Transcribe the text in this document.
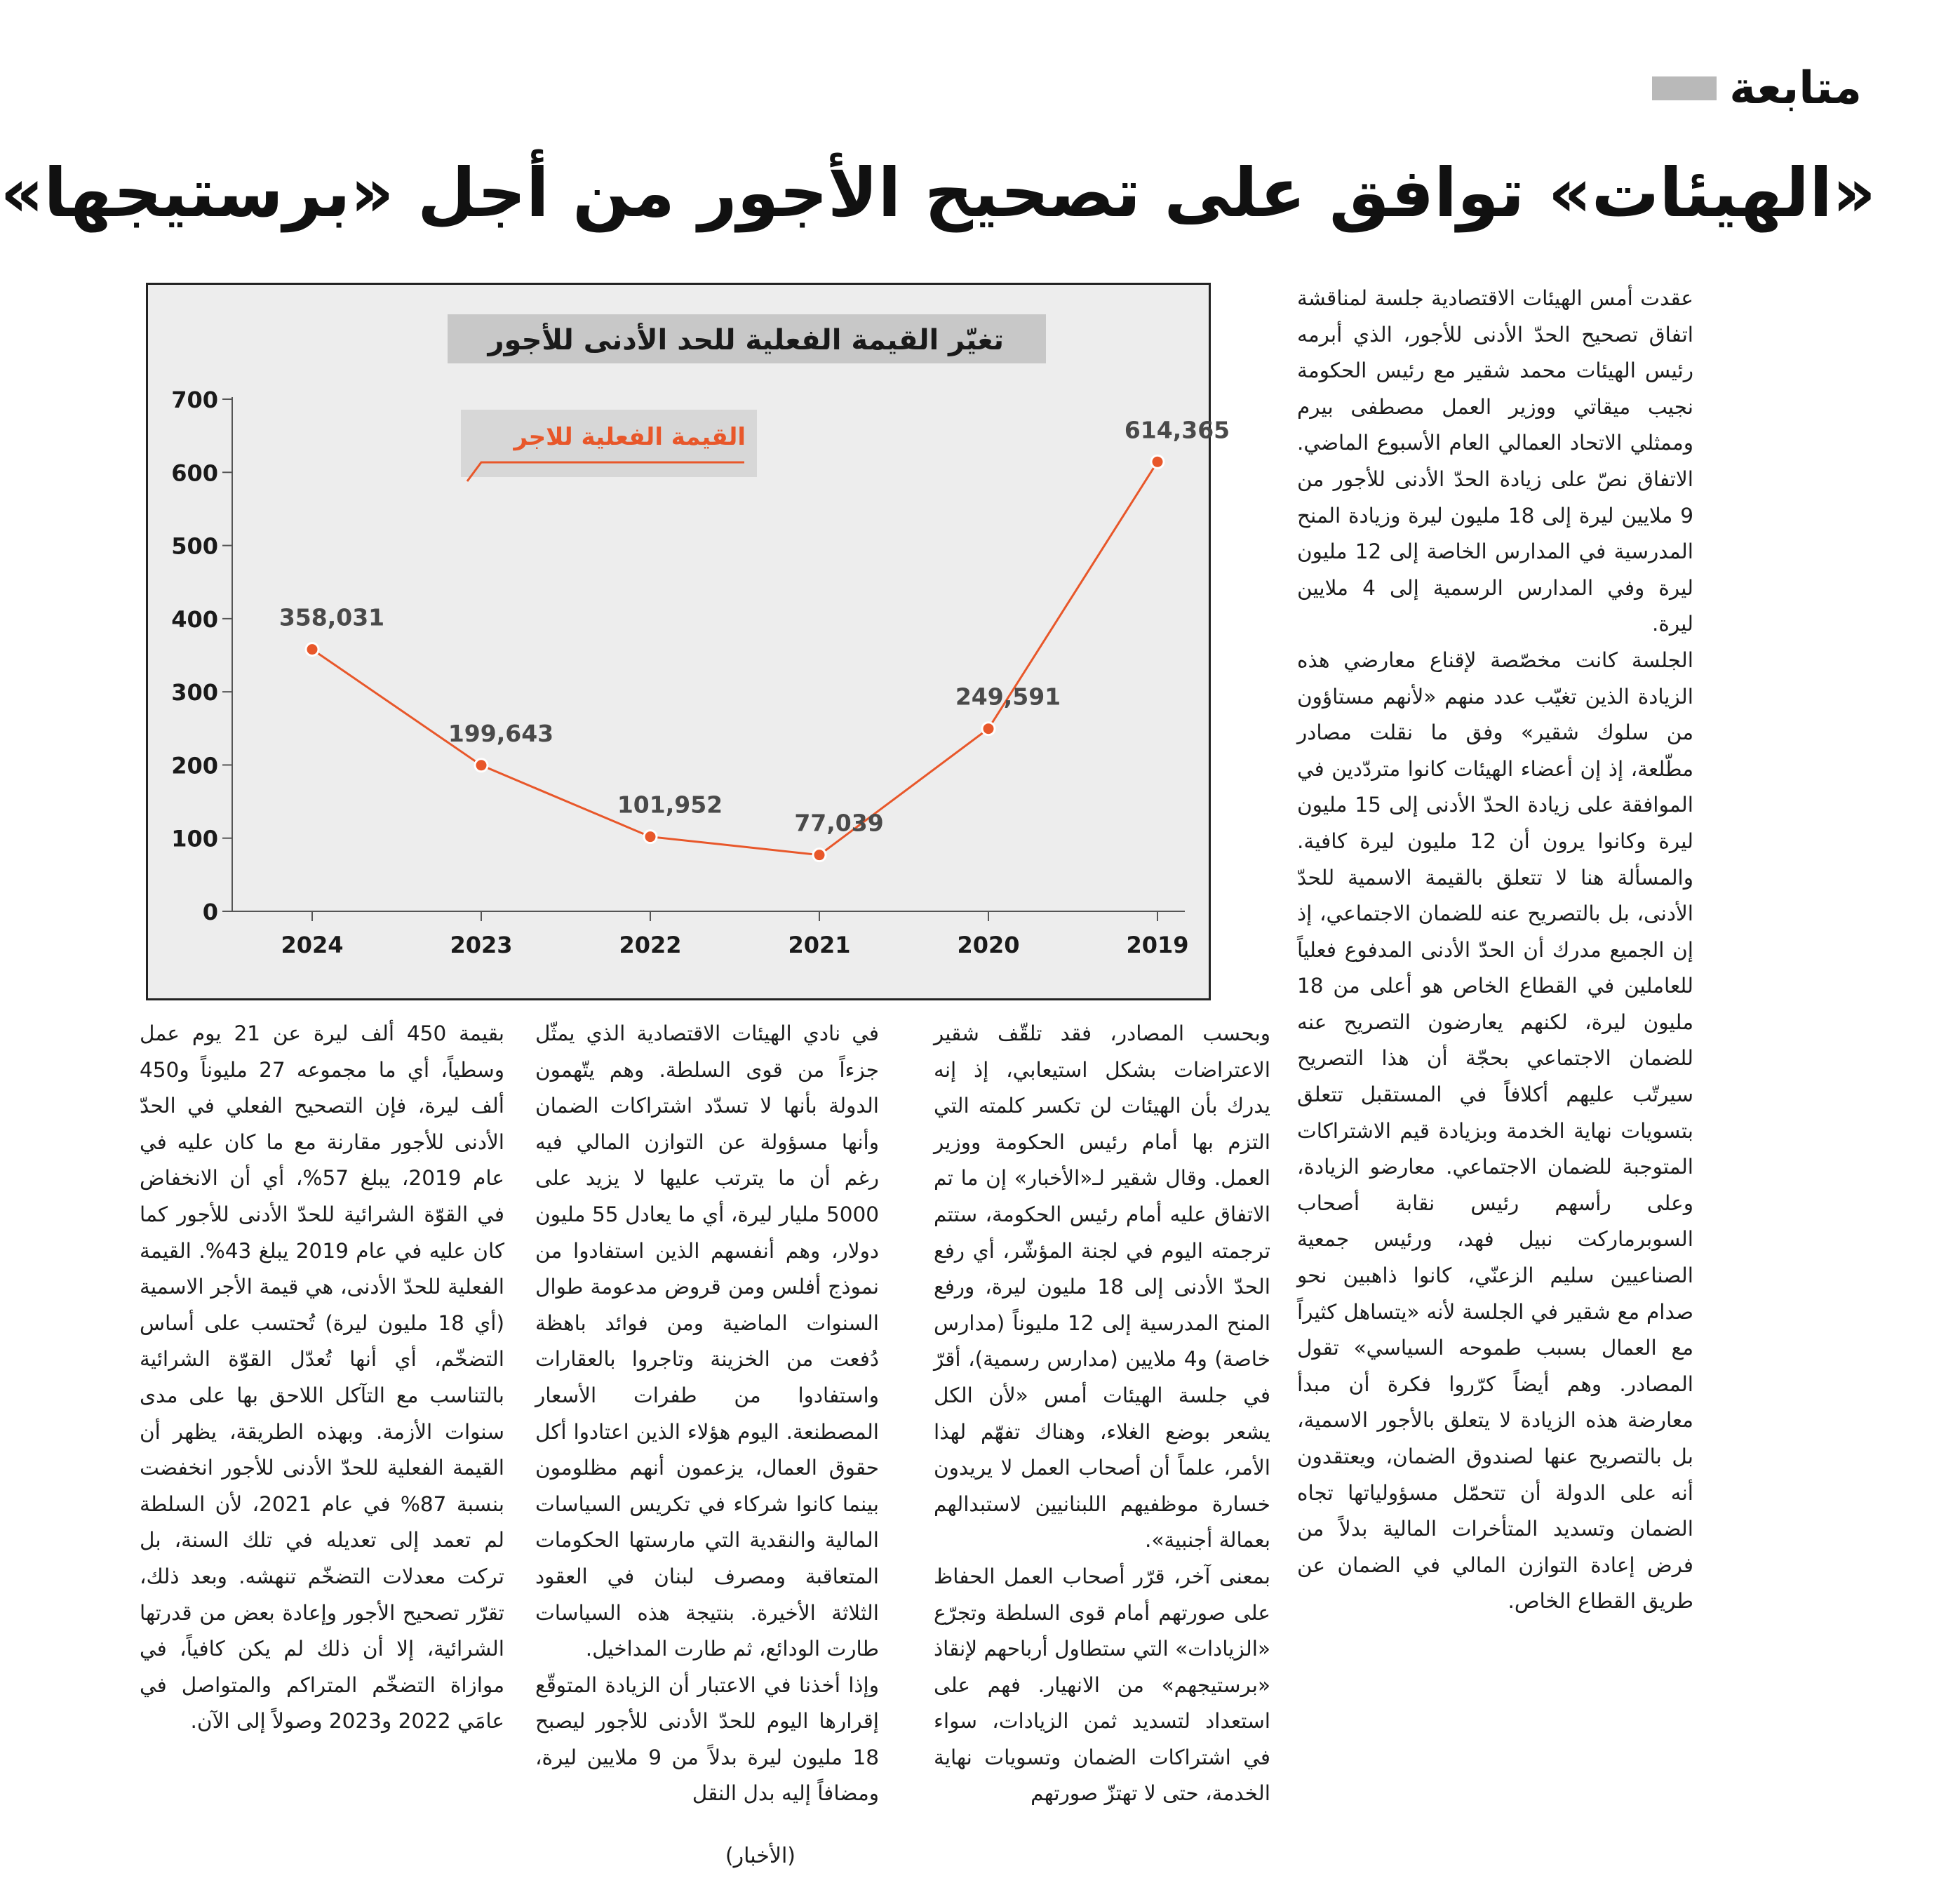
متابعة
«الهيئات» توافق على تصحيح الأجور من أجل «برستيجها»
تغيّر القيمة الفعلية للحد الأدنى للأجور
700
600
500
400
300
200
100
0
2024	2023	2022	2021	2020	2019
القيمة الفعلية للاجر
358,031
199,643
101,952
77,039
249,591
614,365

عقدت أمس الهيئات الاقتصادية جلسة لمناقشة اتفاق تصحيح الحدّ الأدنى للأجور، الذي أبرمه رئيس الهيئات محمد شقير مع رئيس الحكومة نجيب ميقاتي ووزير العمل مصطفى بيرم وممثلي الاتحاد العمالي العام الأسبوع الماضي. الاتفاق نصّ على زيادة الحدّ الأدنى للأجور من 9 ملايين ليرة إلى 18 مليون ليرة وزيادة المنح المدرسية في المدارس الخاصة إلى 12 مليون ليرة وفي المدارس الرسمية إلى 4 ملايين ليرة.

الجلسة كانت مخصّصة لإقناع معارضي هذه الزيادة الذين تغيّب عدد منهم «لأنهم مستاؤون من سلوك شقير» وفق ما نقلت مصادر مطّلعة، إذ إن أعضاء الهيئات كانوا متردّدين في الموافقة على زيادة الحدّ الأدنى إلى 15 مليون ليرة وكانوا يرون أن 12 مليون ليرة كافية. والمسألة هنا لا تتعلق بالقيمة الاسمية للحدّ الأدنى، بل بالتصريح عنه للضمان الاجتماعي، إذ إن الجميع مدرك أن الحدّ الأدنى المدفوع فعلياً للعاملين في القطاع الخاص هو أعلى من 18 مليون ليرة، لكنهم يعارضون التصريح عنه للضمان الاجتماعي بحجّة أن هذا التصريح سيرتّب عليهم أكلافاً في المستقبل تتعلق بتسويات نهاية الخدمة وبزيادة قيم الاشتراكات المتوجبة للضمان الاجتماعي. معارضو الزيادة، وعلى رأسهم رئيس نقابة أصحاب السوبرماركت نبيل فهد، ورئيس جمعية الصناعيين سليم الزعنّي، كانوا ذاهبين نحو صدام مع شقير في الجلسة لأنه «يتساهل كثيراً مع العمال بسبب طموحه السياسي» تقول المصادر. وهم أيضاً كرّروا فكرة أن مبدأ معارضة هذه الزيادة لا يتعلق بالأجور الاسمية، بل بالتصريح عنها لصندوق الضمان، ويعتقدون أنه على الدولة أن تتحمّل مسؤولياتها تجاه الضمان وتسديد المتأخرات المالية بدلاً من فرض إعادة التوازن المالي في الضمان عن طريق القطاع الخاص.

وبحسب المصادر، فقد تلقّف شقير الاعتراضات بشكل استيعابي، إذ إنه يدرك بأن الهيئات لن تكسر كلمته التي التزم بها أمام رئيس الحكومة ووزير العمل. وقال شقير لـ«الأخبار» إن ما تم الاتفاق عليه أمام رئيس الحكومة، ستتم ترجمته اليوم في لجنة المؤشّر، أي رفع الحدّ الأدنى إلى 18 مليون ليرة، ورفع المنح المدرسية إلى 12 مليوناً (مدارس خاصة) و4 ملايين (مدارس رسمية)، أقرّ في جلسة الهيئات أمس «لأن الكل يشعر بوضع الغلاء، وهناك تفهّم لهذا الأمر، علماً أن أصحاب العمل لا يريدون خسارة موظفيهم اللبنانيين لاستبدالهم بعمالة أجنبية».

بمعنى آخر، قرّر أصحاب العمل الحفاظ على صورتهم أمام قوى السلطة وتجرّع «الزيادات» التي ستطاول أرباحهم لإنقاذ «برستيجهم» من الانهيار. فهم على استعداد لتسديد ثمن الزيادات، سواء في اشتراكات الضمان وتسويات نهاية الخدمة، حتى لا تهتزّ صورتهم

في نادي الهيئات الاقتصادية الذي يمثّل جزءاً من قوى السلطة. وهم يتّهمون الدولة بأنها لا تسدّد اشتراكات الضمان وأنها مسؤولة عن التوازن المالي فيه رغم أن ما يترتب عليها لا يزيد على 5000 مليار ليرة، أي ما يعادل 55 مليون دولار، وهم أنفسهم الذين استفادوا من نموذج أفلس ومن قروض مدعومة طوال السنوات الماضية ومن فوائد باهظة دُفعت من الخزينة وتاجروا بالعقارات واستفادوا من طفرات الأسعار المصطنعة. اليوم هؤلاء الذين اعتادوا أكل حقوق العمال، يزعمون أنهم مظلومون بينما كانوا شركاء في تكريس السياسات المالية والنقدية التي مارستها الحكومات المتعاقبة ومصرف لبنان في العقود الثلاثة الأخيرة. بنتيجة هذه السياسات طارت الودائع، ثم طارت المداخيل.

وإذا أخذنا في الاعتبار أن الزيادة المتوقّع إقرارها اليوم للحدّ الأدنى للأجور ليصبح 18 مليون ليرة بدلاً من 9 ملايين ليرة، ومضافاً إليه بدل النقل

بقيمة 450 ألف ليرة عن 21 يوم عمل وسطياً، أي ما مجموعه 27 مليوناً و450 ألف ليرة، فإن التصحيح الفعلي في الحدّ الأدنى للأجور مقارنة مع ما كان عليه في عام 2019، يبلغ 57%، أي أن الانخفاض في القوّة الشرائية للحدّ الأدنى للأجور كما كان عليه في عام 2019 يبلغ 43%. القيمة الفعلية للحدّ الأدنى، هي قيمة الأجر الاسمية (أي 18 مليون ليرة) تُحتسب على أساس التضخّم، أي أنها تُعدّل القوّة الشرائية بالتناسب مع التآكل اللاحق بها على مدى سنوات الأزمة. وبهذه الطريقة، يظهر أن القيمة الفعلية للحدّ الأدنى للأجور انخفضت بنسبة 87% في عام 2021، لأن السلطة لم تعمد إلى تعديله في تلك السنة، بل تركت معدلات التضخّم تنهشه. وبعد ذلك، تقرّر تصحيح الأجور وإعادة بعض من قدرتها الشرائية، إلا أن ذلك لم يكن كافياً، في موازاة التضخّم المتراكم والمتواصل في عامَي 2022 و2023 وصولاً إلى الآن.

(الأخبار)
